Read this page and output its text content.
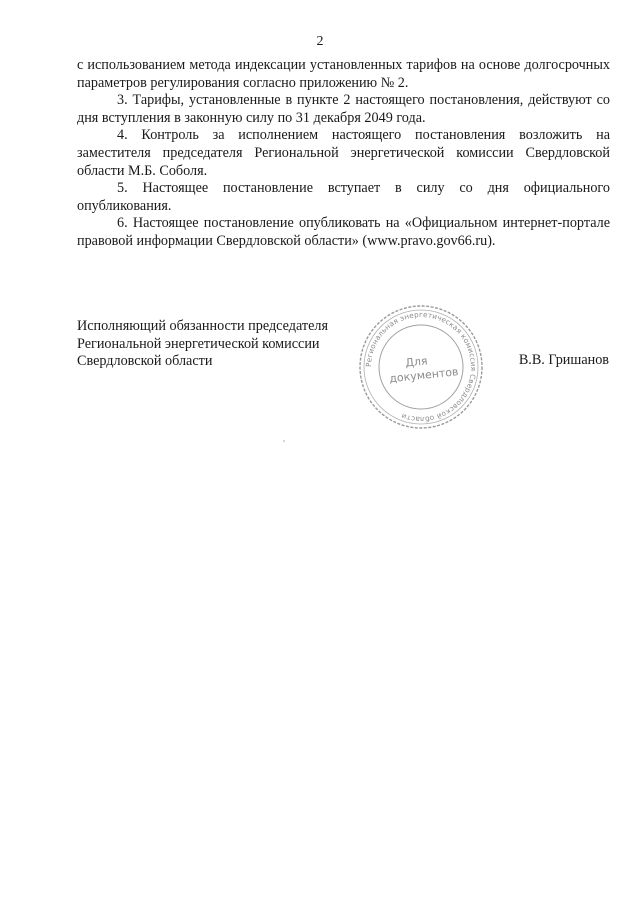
2

с использованием метода индексации установленных тарифов на основе долгосрочных параметров регулирования согласно приложению № 2.

3. Тарифы, установленные в пункте 2 настоящего постановления, действуют со дня вступления в законную силу по 31 декабря 2049 года.

4. Контроль за исполнением настоящего постановления возложить на заместителя председателя Региональной энергетической комиссии Свердловской области М.Б. Соболя.

5. Настоящее постановление вступает в силу со дня официального опубликования.

6. Настоящее постановление опубликовать на «Официальном интернет-портале правовой информации Свердловской области» (www.pravo.gov66.ru).

Исполняющий обязанности председателя
Региональной энергетической комиссии
Свердловской области	Региональная энергетическая комиссия Свердловской области
Для
документов
В.В. Гришанов
